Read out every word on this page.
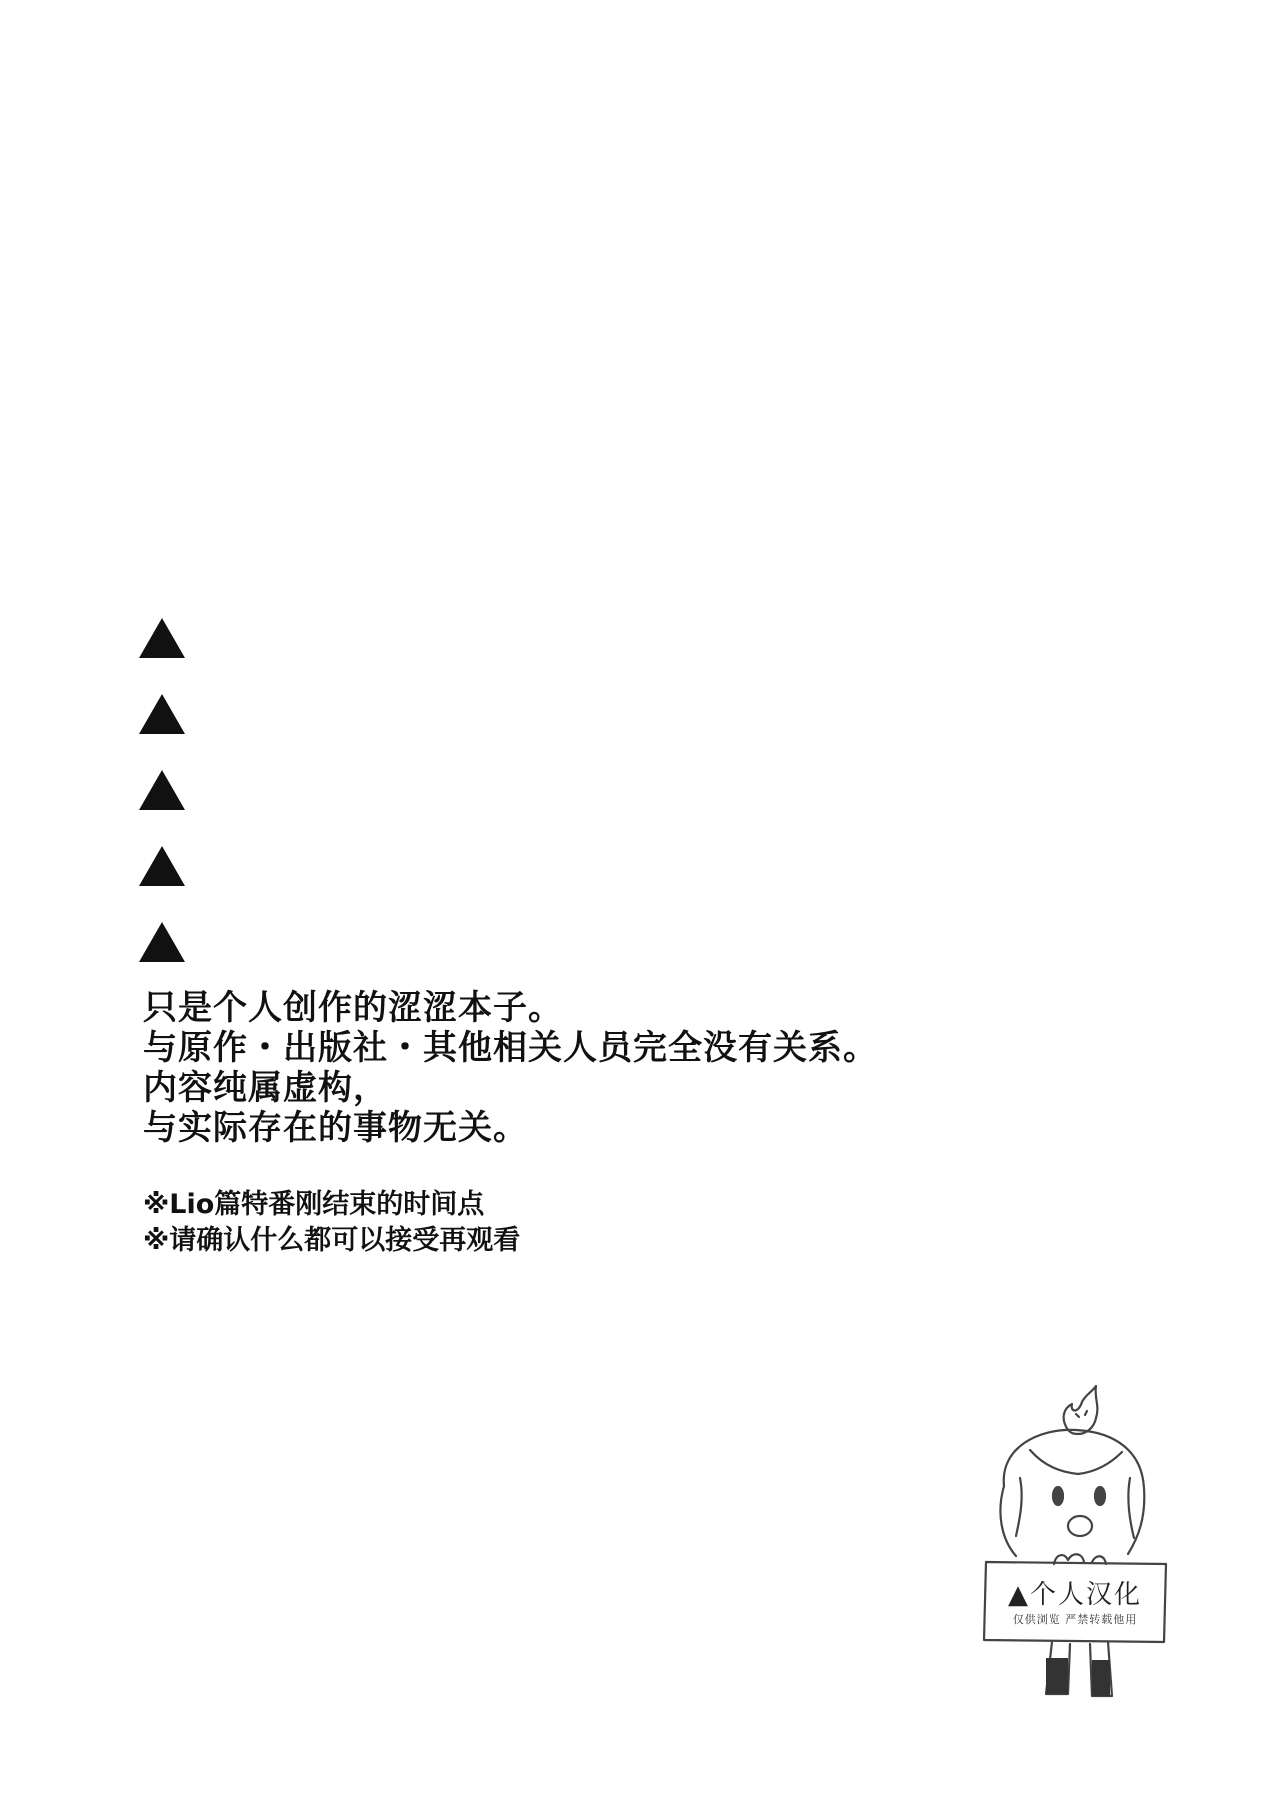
只是个人创作的涩涩本子。
与原作・出版社・其他相关人员完全没有关系。
内容纯属虚构，
与实际存在的事物无关。
※Lio篇特番刚结束的时间点
※请确认什么都可以接受再观看
▲个人汉化
仅供浏览 严禁转载他用
